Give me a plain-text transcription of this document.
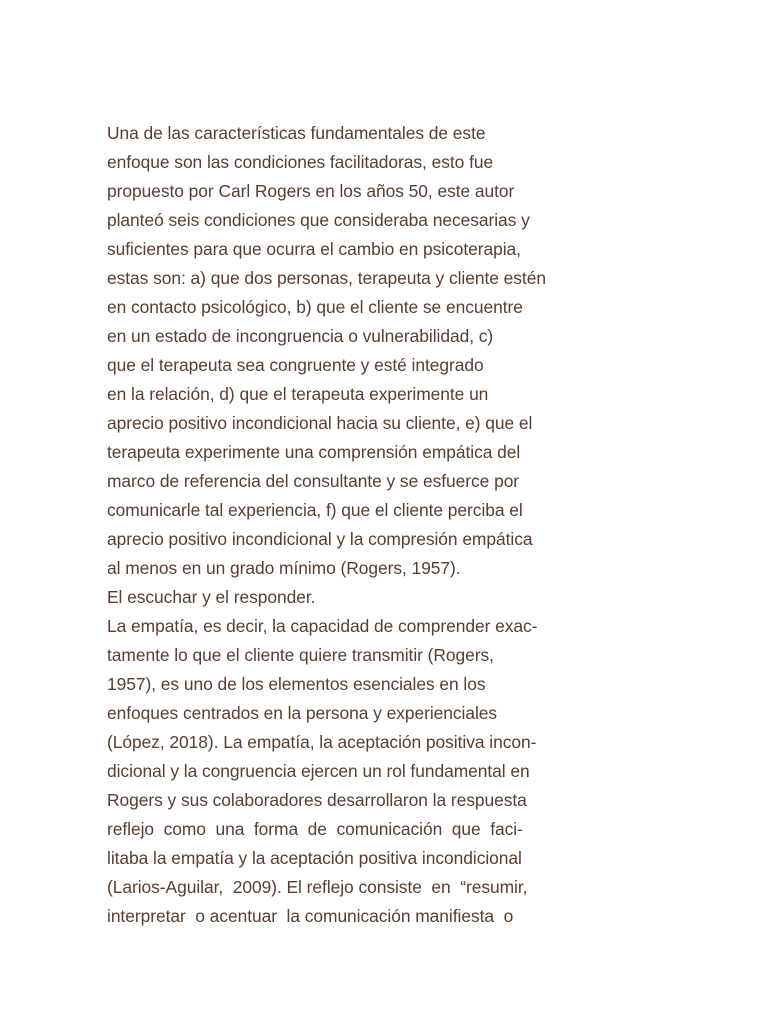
Una de las características fundamentales de este
enfoque son las condiciones facilitadoras, esto fue
propuesto por Carl Rogers en los años 50, este autor
planteó seis condiciones que consideraba necesarias y
suficientes para que ocurra el cambio en psicoterapia,
estas son: a) que dos personas, terapeuta y cliente estén
en contacto psicológico, b) que el cliente se encuentre
en un estado de incongruencia o vulnerabilidad, c)
que el terapeuta sea congruente y esté integrado
en la relación, d) que el terapeuta experimente un
aprecio positivo incondicional hacia su cliente, e) que el
terapeuta experimente una comprensión empática del
marco de referencia del consultante y se esfuerce por
comunicarle tal experiencia, f) que el cliente perciba el
aprecio positivo incondicional y la compresión empática
al menos en un grado mínimo (Rogers, 1957).
El escuchar y el responder.
La empatía, es decir, la capacidad de comprender exac-
tamente lo que el cliente quiere transmitir (Rogers,
1957), es uno de los elementos esenciales en los
enfoques centrados en la persona y experienciales
(López, 2018). La empatía, la aceptación positiva incon-
dicional y la congruencia ejercen un rol fundamental en
Rogers y sus colaboradores desarrollaron la respuesta
reflejo  como  una  forma  de  comunicación  que  faci-
litaba la empatía y la aceptación positiva incondicional
(Larios-Aguilar,  2009). El reflejo consiste  en  “resumir,
interpretar  o acentuar  la comunicación manifiesta  o
